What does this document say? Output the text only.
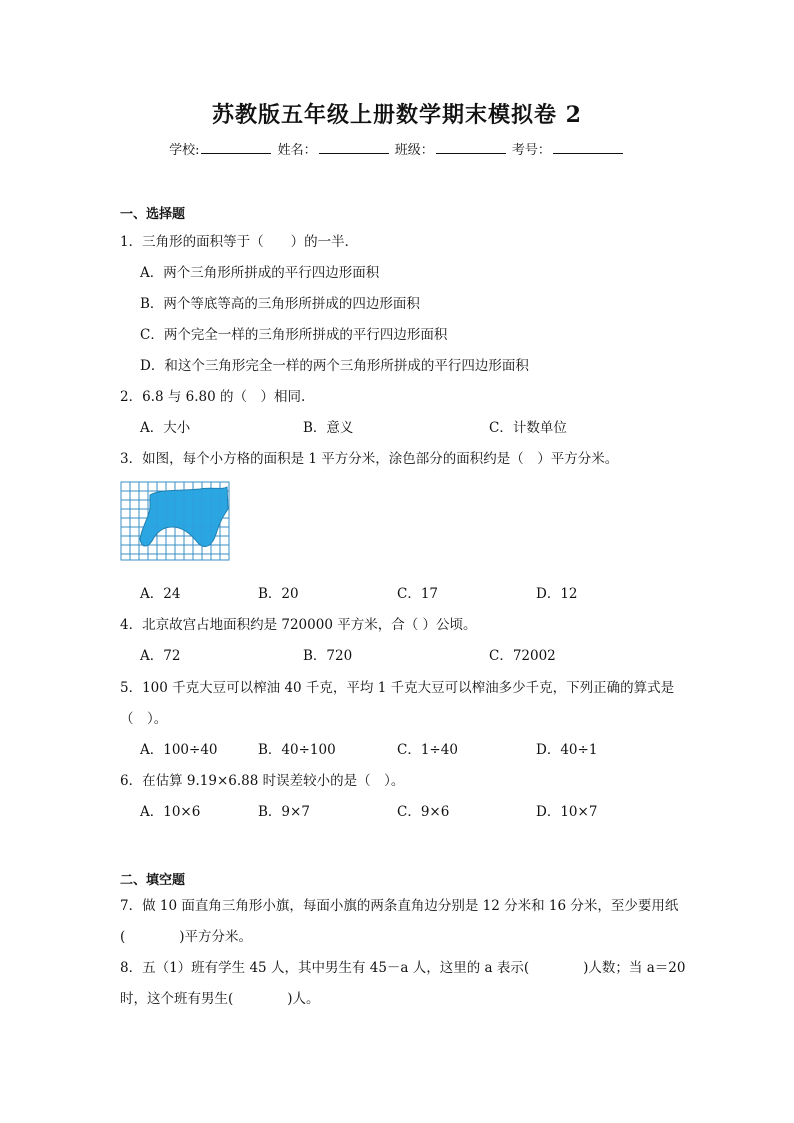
苏教版五年级上册数学期末模拟卷 2
学校:	姓名：	班级：	考号：
一、选择题
1．三角形的面积等于（　　）的一半．
A．两个三角形所拼成的平行四边形面积
B．两个等底等高的三角形所拼成的四边形面积
C．两个完全一样的三角形所拼成的平行四边形面积
D．和这个三角形完全一样的两个三角形所拼成的平行四边形面积
2．6.8 与 6.80 的（　）相同.
A．大小	B．意义	C．计数单位
3．如图，每个小方格的面积是 1 平方分米，涂色部分的面积约是（　）平方分米。
A．24	B．20	C．17	D．12
4．北京故宫占地面积约是 720000 平方米，合（ ）公顷。
A．72	B．720	C．72002
5．100 千克大豆可以榨油 40 千克，平均 1 千克大豆可以榨油多少千克，下列正确的算式是
（　）。
A．100÷40	B．40÷100	C．1÷40	D．40÷1
6．在估算 9.19×6.88 时误差较小的是（　）。
A．10×6	B．9×7	C．9×6	D．10×7
二、填空题
7．做 10 面直角三角形小旗，每面小旗的两条直角边分别是 12 分米和 16 分米，至少要用纸
(　　　　)平方分米。
8．五（1）班有学生 45 人，其中男生有 45－a 人，这里的 a 表示(　　　　)人数；当 a＝20
时，这个班有男生(　　　　)人。
